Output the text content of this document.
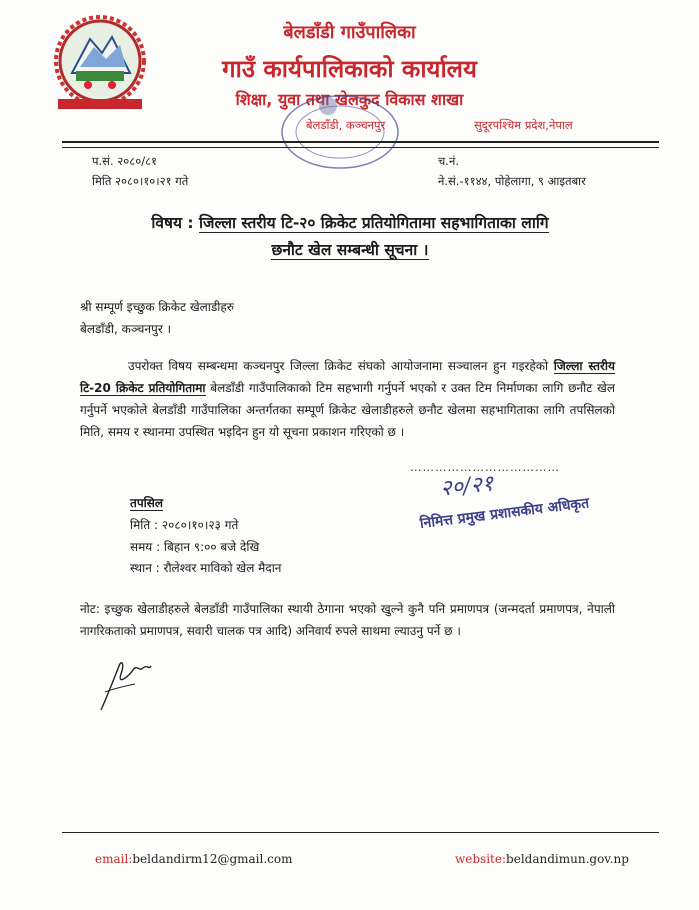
बेलडाँडी गाउँपालिका
गाउँ कार्यपालिकाको कार्यालय
शिक्षा, युवा तथा खेलकुद विकास शाखा
बेलडाँडी, कञ्चनपुर	सुदूरपश्चिम प्रदेश,नेपाल
प.सं. २०८०/८१
मिति २०८०।१०।२१ गते
च.नं.
ने.सं.-११४४, पोहेलागा, ९ आइतबार
विषय : जिल्ला स्तरीय टि-२० क्रिकेट प्रतियोगितामा सहभागिताका लागि
छनौट खेल सम्बन्धी सूचना ।
श्री सम्पूर्ण इच्छुक क्रिकेट खेलाडीहरु
बेलडाँडी, कञ्चनपुर ।
उपरोक्त विषय सम्बन्धमा कञ्चनपुर जिल्ला क्रिकेट संघको आयोजनामा सञ्चालन हुन गइरहेको जिल्ला स्तरीय टि-20 क्रिकेट प्रतियोगितामा बेलडाँडी गाउँपालिकाको टिम सहभागी गर्नुपर्ने भएको र उक्त टिम निर्माणका लागि छनौट खेल गर्नुपर्ने भएकोले बेलडाँडी गाउँपालिका अन्तर्गतका सम्पूर्ण क्रिकेट खेलाडीहरुले छनौट खेलमा सहभागिताका लागि तपसिलको मिति, समय र स्थानमा उपस्थित भइदिन हुन यो सूचना प्रकाशन गरिएको छ ।
………………………………
२०/२१
निमित्त प्रमुख प्रशासकीय अधिकृत
तपसिल
मिति : २०८०।१०।२३ गते
समय : बिहान ९:०० बजे देखि
स्थान : रौलेश्वर माविको खेल मैदान
नोट: इच्छुक खेलाडीहरुले बेलडाँडी गाउँपालिका स्थायी ठेगाना भएको खुल्ने कुनै पनि प्रमाणपत्र (जन्मदर्ता प्रमाणपत्र, नेपाली नागरिकताको प्रमाणपत्र, सवारी चालक पत्र आदि) अनिवार्य रुपले साथमा ल्याउनु पर्ने छ ।
email:beldandirm12@gmail.com	website:beldandimun.gov.np
